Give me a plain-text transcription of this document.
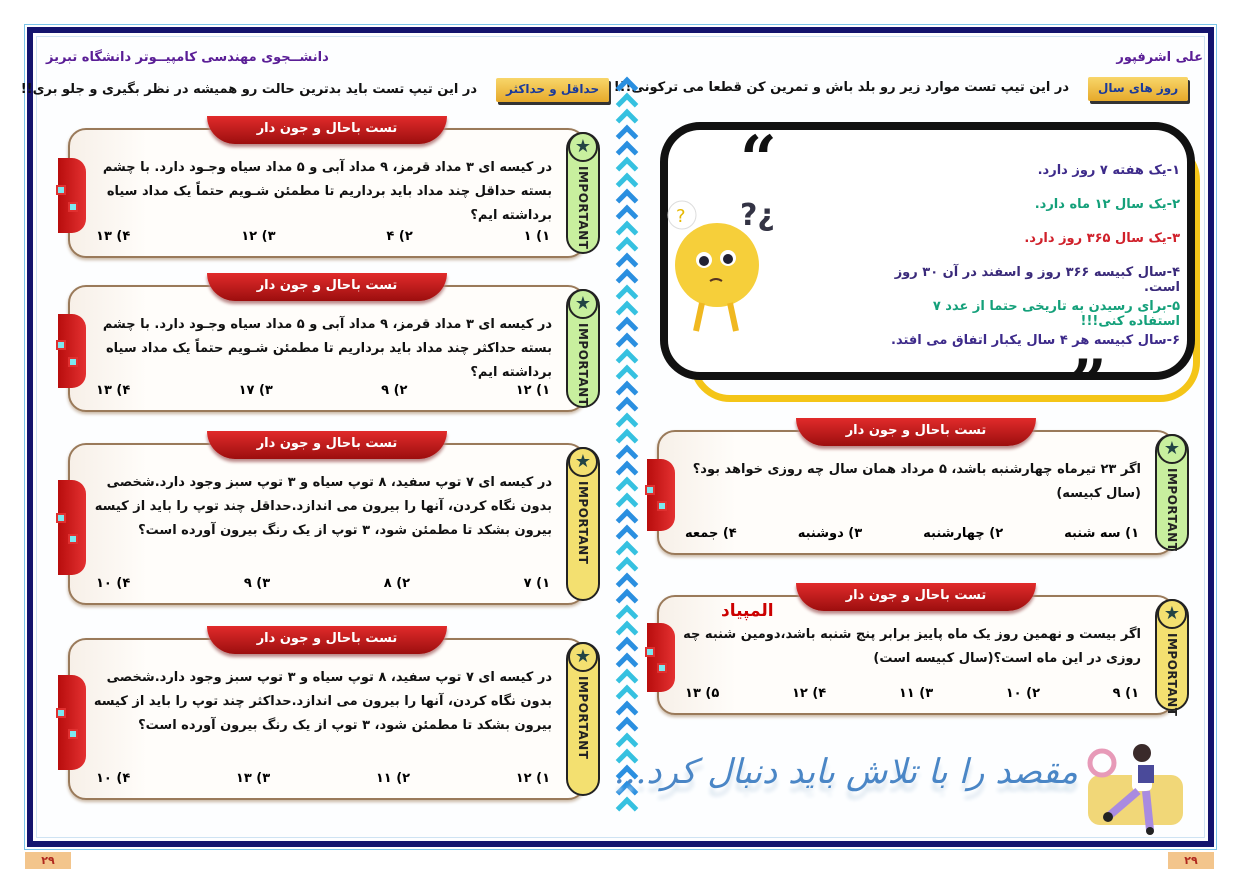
علی اشرفپور
دانشــجوی مهندسی کامپیــوتر دانشگاه تبریز
روز های سال
در این تیپ تست موارد زیر رو بلد باش و تمرین کن قطعا می ترکونی!!!
حداقل و حداکثر
در این تیپ تست باید بدترین حالت رو همیشه در نظر بگیری و جلو بری!!
“
”
? ?¿
۱-یک هفته ۷ روز دارد.
۲-یک سال ۱۲ ماه دارد.
۳-یک سال ۳۶۵ روز دارد.
۴-سال کبیسه ۳۶۶ روز و اسفند در آن ۳۰ روز است.
۵-برای رسیدن به تاریخی حتما از عدد ۷ استفاده کنی!!!
۶-سال کبیسه هر ۴ سال یکبار اتفاق می افتد.
تست باحال و جون دار
در کیسه ای ۳ مداد قرمز، ۹ مداد آبی و ۵ مداد سیاه وجـود دارد. با چشم بسته حداقل چند مداد باید برداریم تا مطمئن شـویم حتماً یک مداد سیاه برداشته ایم؟
۱) ۱
۲) ۴
۳) ۱۲
۴) ۱۳
★
IMPORTANT
تست باحال و جون دار
در کیسه ای ۳ مداد قرمز، ۹ مداد آبی و ۵ مداد سیاه وجـود دارد. با چشم بسته حداکثر چند مداد باید برداریم تا مطمئن شـویم حتماً یک مداد سیاه برداشته ایم؟
۱) ۱۲
۲) ۹
۳) ۱۷
۴) ۱۳
★
IMPORTANT
تست باحال و جون دار
در کیسه ای ۷ توپ سفید، ۸ توپ سیاه و ۳ توپ سبز وجود دارد.شخصی بدون نگاه کردن، آنها را بیرون می اندازد.حداقل چند توپ را باید از کیسه بیرون بشکد تا مطمئن شود، ۳ توپ از یک رنگ بیرون آورده است؟
۱) ۷
۲) ۸
۳) ۹
۴) ۱۰
★
IMPORTANT
تست باحال و جون دار
در کیسه ای ۷ توپ سفید، ۸ توپ سیاه و ۳ توپ سبز وجود دارد.شخصی بدون نگاه کردن، آنها را بیرون می اندازد.حداکثر چند توپ را باید از کیسه بیرون بشکد تا مطمئن شود، ۳ توپ از یک رنگ بیرون آورده است؟
۱) ۱۲
۲) ۱۱
۳) ۱۳
۴) ۱۰
★
IMPORTANT
تست باحال و جون دار
اگر ۲۳ تیرماه چهارشنبه باشد، ۵ مرداد همان سال چه روزی خواهد بود؟(سال کبیسه)
۱) سه شنبه
۲) چهارشنبه
۳) دوشنبه
۴) جمعه
★
IMPORTANT
تست باحال و جون دار
المپیاد
اگر بیست و نهمین روز یک ماه پاییز برابر پنج شنبه باشد،دومین شنبه چه روزی در این ماه است؟(سال کبیسه است)
۱) ۹
۲) ۱۰
۳) ۱۱
۴) ۱۲
۵) ۱۳
★
IMPORTANT
مقصد را با تلاش باید دنبال کرد...
۲۹	۲۹
